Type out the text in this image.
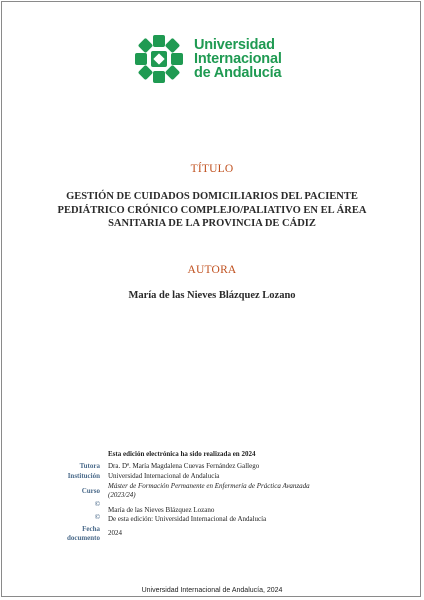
Universidad
Internacional
de Andalucía
TÍTULO
GESTIÓN DE CUIDADOS DOMICILIARIOS DEL PACIENTE
PEDIÁTRICO CRÓNICO COMPLEJO/PALIATIVO EN EL ÁREA
SANITARIA DE LA PROVINCIA DE CÁDIZ
AUTORA
María de las Nieves Blázquez Lozano
Esta edición electrónica ha sido realizada en 2024
Tutora Dra. Dª. María Magdalena Cuevas Fernández Gallego
Institución Universidad Internacional de Andalucía
Curso
Máster de Formación Permanente en Enfermería de Práctica Avanzada
(2023/24)
©
María de las Nieves Blázquez Lozano
© De esta edición: Universidad Internacional de Andalucía
Fecha
documento
2024
Universidad Internacional de Andalucía, 2024
